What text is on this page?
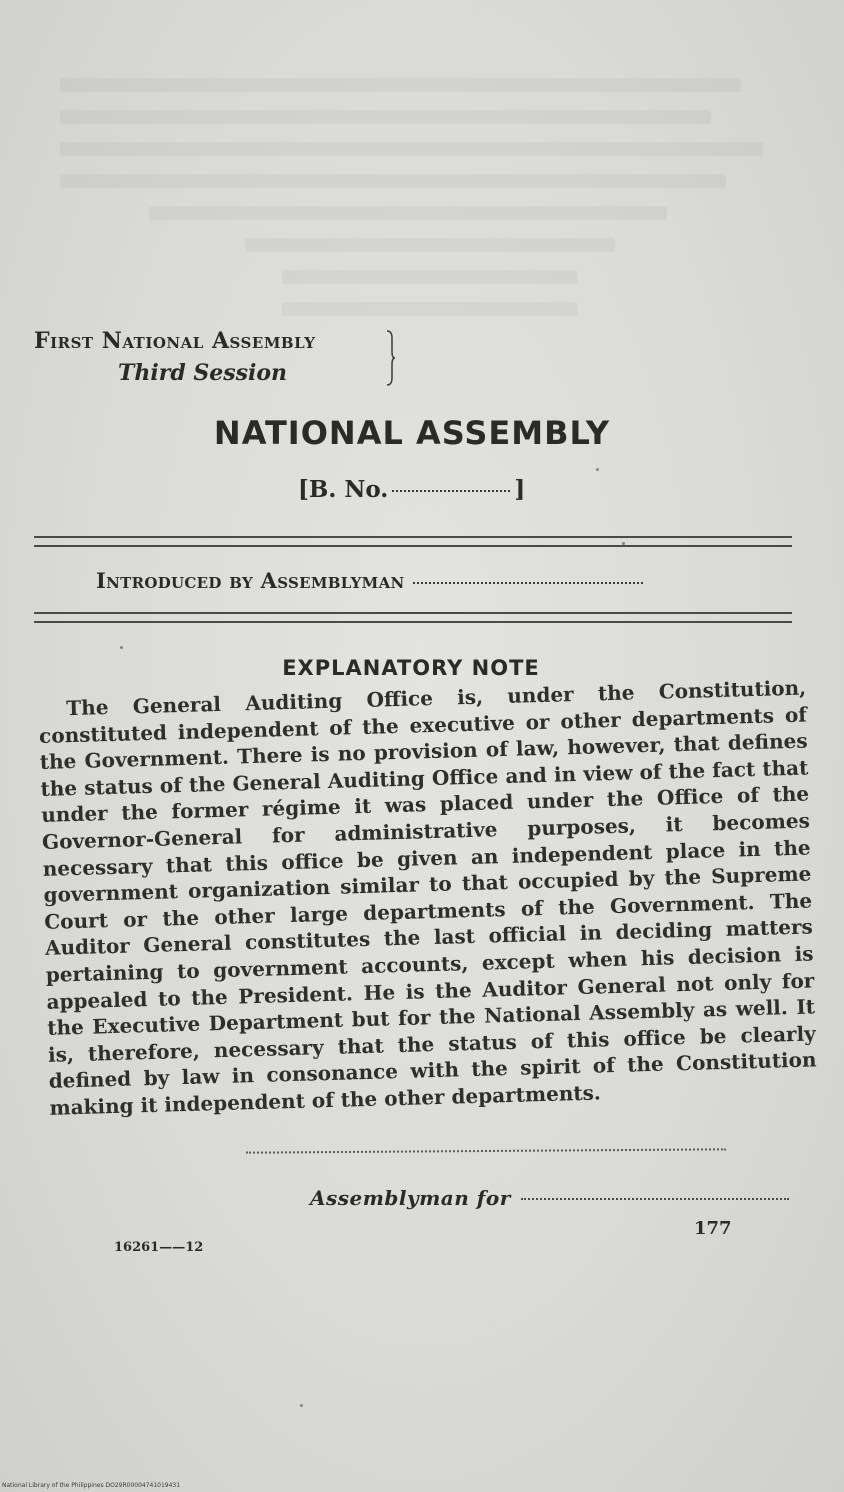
First National Assembly
Third Session
NATIONAL ASSEMBLY
[B. No.	]
Introduced by Assemblyman
EXPLANATORY NOTE
The General Auditing Office is, under the Constitution, constituted independent of the executive or other departments of the Government. There is no provision of law, however, that defines the status of the General Auditing Office and in view of the fact that under the former régime it was placed under the Office of the Governor-General for administrative purposes, it becomes necessary that this office be given an independent place in the government organization similar to that occupied by the Supreme Court or the other large departments of the Government. The Auditor General constitutes the last official in deciding matters pertaining to government accounts, except when his decision is appealed to the President. He is the Auditor General not only for the Executive Department but for the National Assembly as well. It is, therefore, necessary that the status of this office be clearly defined by law in consonance with the spirit of the Constitution making it independent of the other departments.
Assemblyman for
177
16261——12
National Library of the Philippines DO29R00004741019431
